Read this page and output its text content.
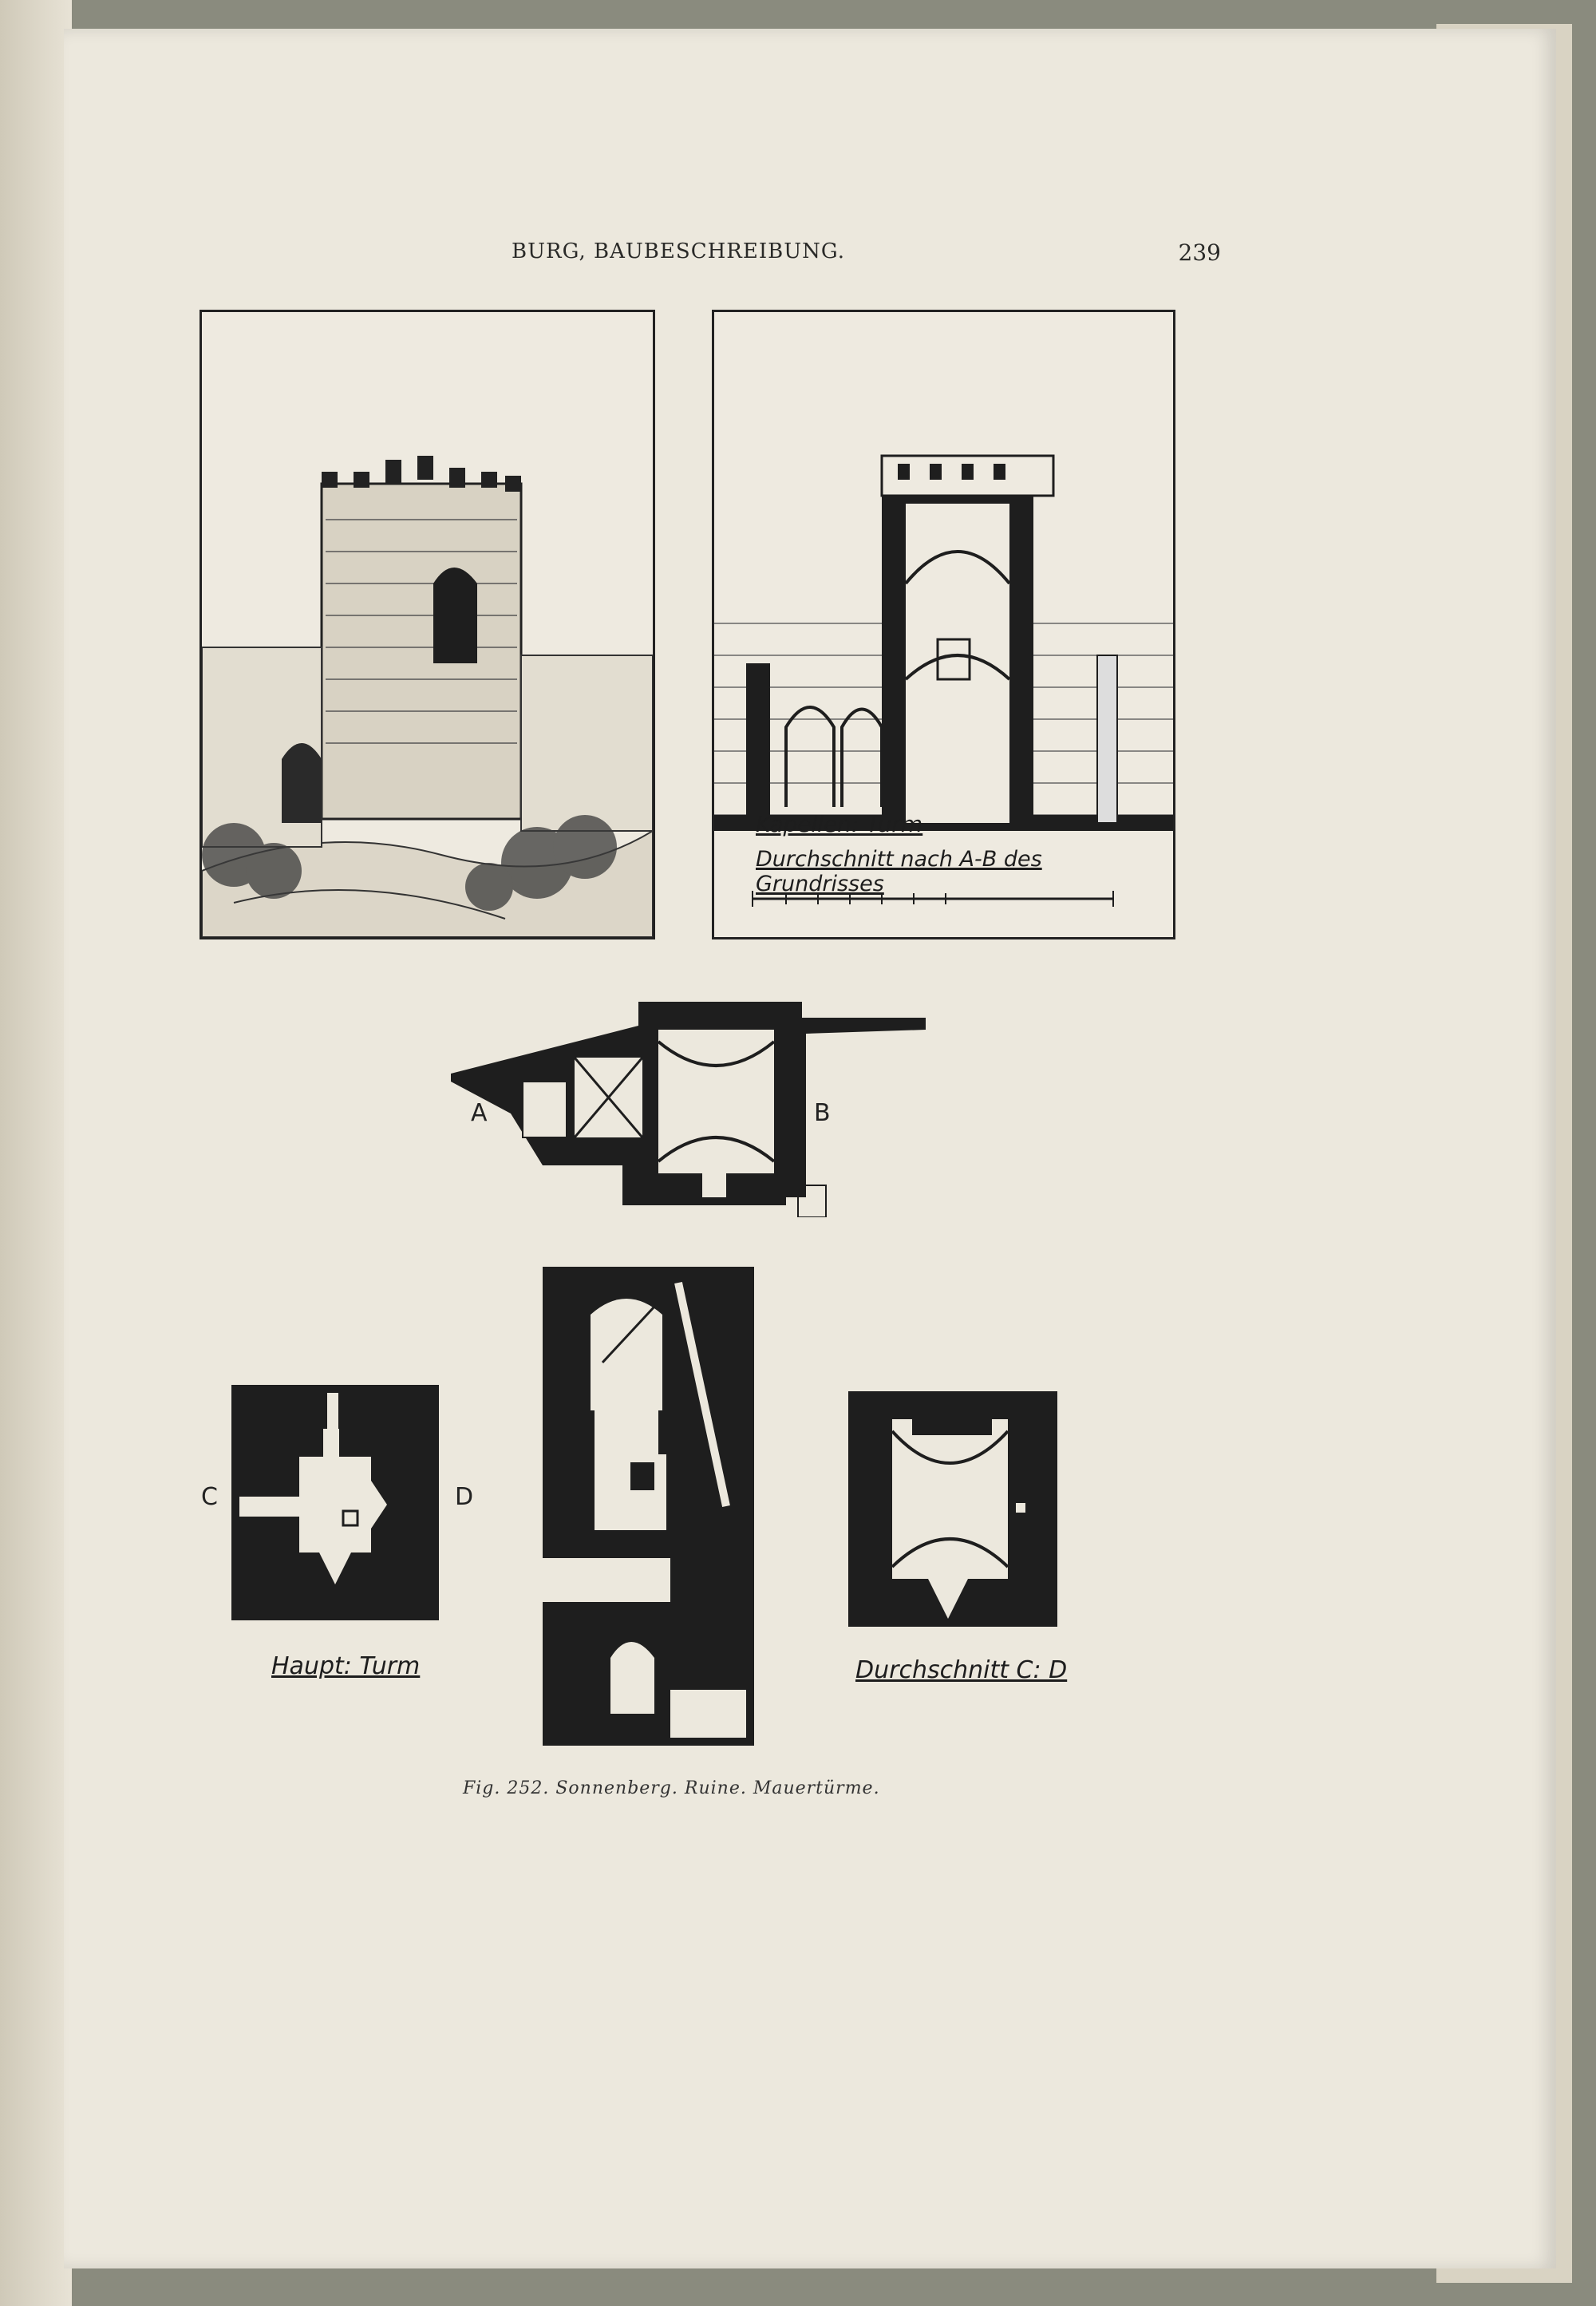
BURG, BAUBESCHREIBUNG.	239
Kapellen: Turm
Durchschnitt nach A-B des Grundrisses
A	B
C	D
Haupt: Turm	Durchschnitt C: D
Fig. 252. Sonnenberg. Ruine. Mauertürme.
